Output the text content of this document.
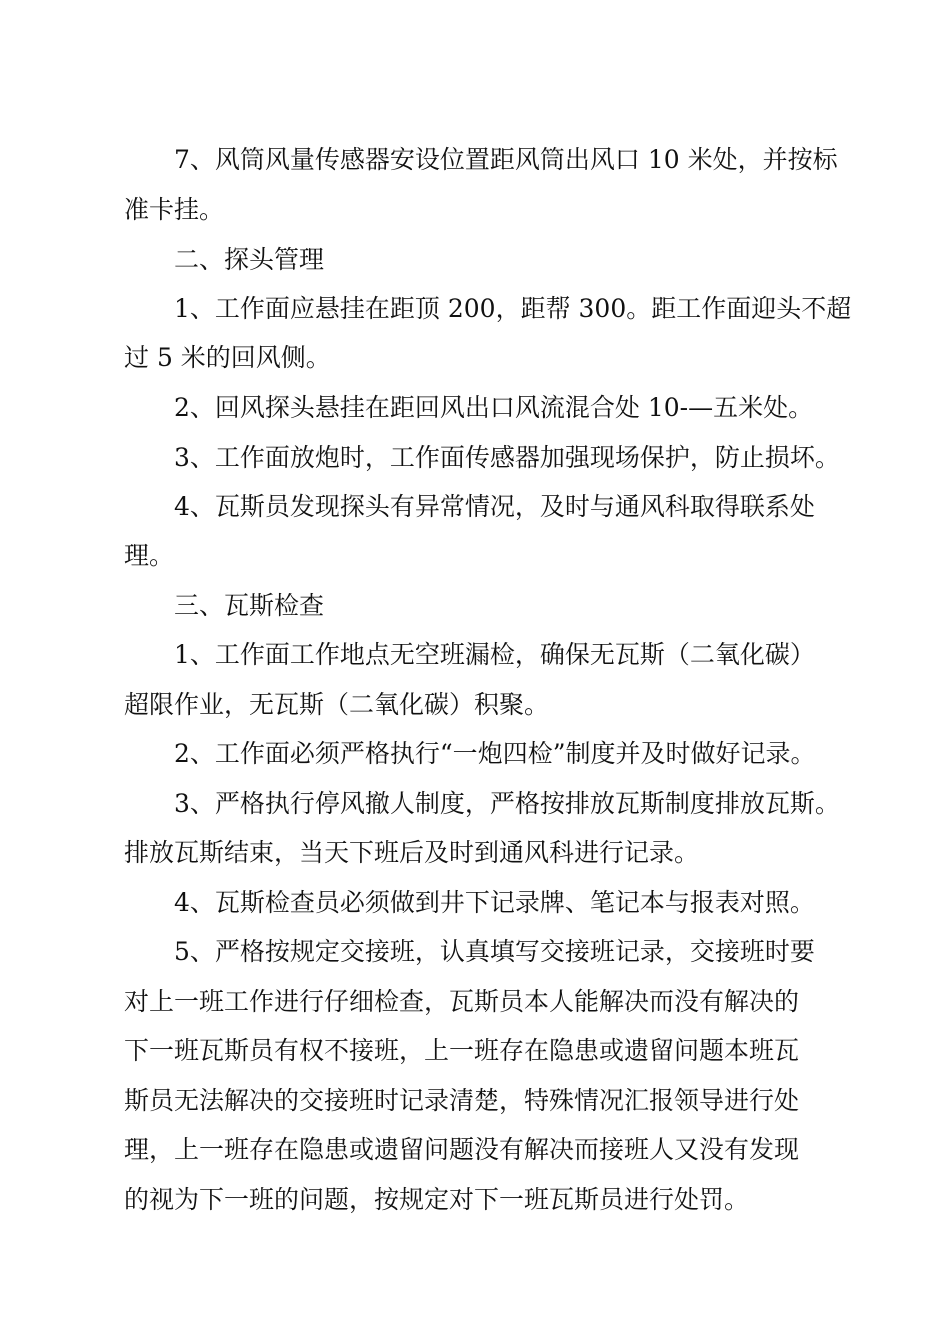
7、风筒风量传感器安设位置距风筒出风口 10 米处，并按标
准卡挂。
二、探头管理
1、工作面应悬挂在距顶 200，距帮 300。距工作面迎头不超
过 5 米的回风侧。
2、回风探头悬挂在距回风出口风流混合处 10-—五米处。
3、工作面放炮时，工作面传感器加强现场保护，防止损坏。
4、瓦斯员发现探头有异常情况，及时与通风科取得联系处
理。
三、瓦斯检查
1、工作面工作地点无空班漏检，确保无瓦斯（二氧化碳）
超限作业，无瓦斯（二氧化碳）积聚。
2、工作面必须严格执行“一炮四检”制度并及时做好记录。
3、严格执行停风撤人制度，严格按排放瓦斯制度排放瓦斯。
排放瓦斯结束，当天下班后及时到通风科进行记录。
4、瓦斯检查员必须做到井下记录牌、笔记本与报表对照。
5、严格按规定交接班，认真填写交接班记录，交接班时要
对上一班工作进行仔细检查，瓦斯员本人能解决而没有解决的
下一班瓦斯员有权不接班，上一班存在隐患或遗留问题本班瓦
斯员无法解决的交接班时记录清楚，特殊情况汇报领导进行处
理，上一班存在隐患或遗留问题没有解决而接班人又没有发现
的视为下一班的问题，按规定对下一班瓦斯员进行处罚。
